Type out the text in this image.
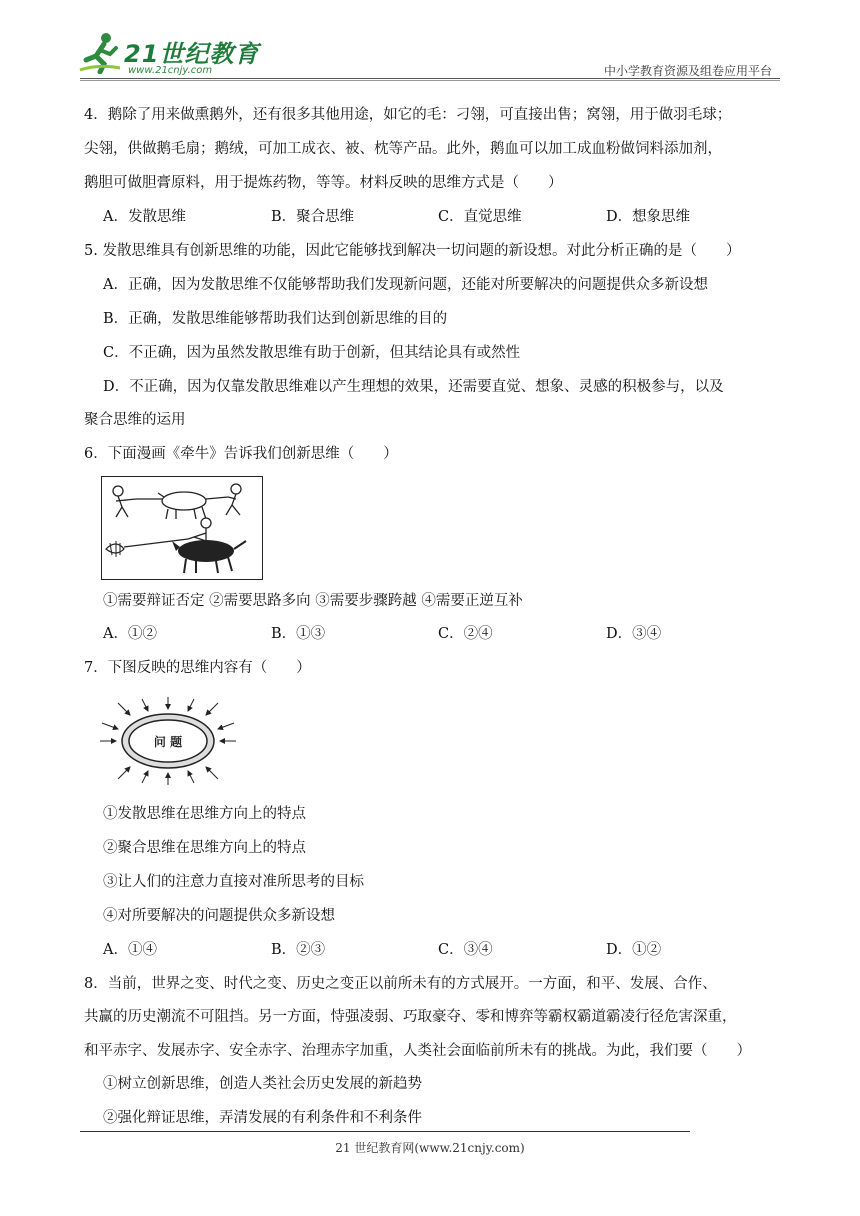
21世纪教育
www.21cnjy.com	中小学教育资源及组卷应用平台
4．鹅除了用来做熏鹅外，还有很多其他用途，如它的毛：刁翎，可直接出售；窝翎，用于做羽毛球；
尖翎，供做鹅毛扇；鹅绒，可加工成衣、被、枕等产品。此外，鹅血可以加工成血粉做饲料添加剂，
鹅胆可做胆膏原料，用于提炼药物，等等。材料反映的思维方式是（　　）
A．发散思维	B．聚合思维	C．直觉思维	D．想象思维
5. 发散思维具有创新思维的功能，因此它能够找到解决一切问题的新设想。对此分析正确的是（　　）
A．正确，因为发散思维不仅能够帮助我们发现新问题，还能对所要解决的问题提供众多新设想
B．正确，发散思维能够帮助我们达到创新思维的目的
C．不正确，因为虽然发散思维有助于创新，但其结论具有或然性
D．不正确，因为仅靠发散思维难以产生理想的效果，还需要直觉、想象、灵感的积极参与，以及
聚合思维的运用
6．下面漫画《牵牛》告诉我们创新思维（　　）
①需要辩证否定 ②需要思路多向 ③需要步骤跨越 ④需要正逆互补
A．①②	B．①③	C．②④	D．③④
7．下图反映的思维内容有（　　）
问 题
①发散思维在思维方向上的特点
②聚合思维在思维方向上的特点
③让人们的注意力直接对准所思考的目标
④对所要解决的问题提供众多新设想
A．①④	B．②③	C．③④	D．①②
8．当前，世界之变、时代之变、历史之变正以前所未有的方式展开。一方面，和平、发展、合作、
共赢的历史潮流不可阻挡。另一方面，恃强凌弱、巧取豪夺、零和博弈等霸权霸道霸凌行径危害深重，
和平赤字、发展赤字、安全赤字、治理赤字加重，人类社会面临前所未有的挑战。为此，我们要（　　）
①树立创新思维，创造人类社会历史发展的新趋势
②强化辩证思维，弄清发展的有利条件和不利条件
21 世纪教育网(www.21cnjy.com)
